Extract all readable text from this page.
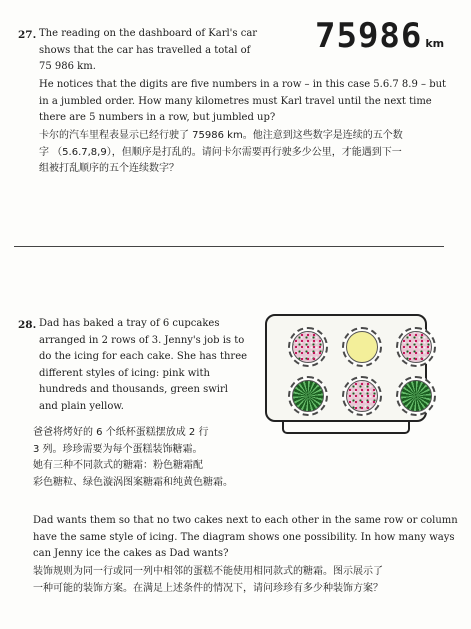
27. The reading on the dashboard of Karl's car
shows that the car has travelled a total of
75 986 km.
75986 km
He notices that the digits are five numbers in a row – in this case 5.6.7 8.9 – but
in a jumbled order. How many kilometres must Karl travel until the next time
there are 5 numbers in a row, but jumbled up?
卡尔的汽车里程表显示已经行驶了 75986 km。他注意到这些数字是连续的五个数
字 （5.6.7,8,9），但顺序是打乱的。请问卡尔需要再行驶多少公里，才能遇到下一
组被打乱顺序的五个连续数字？
28. Dad has baked a tray of 6 cupcakes
arranged in 2 rows of 3. Jenny's job is to
do the icing for each cake. She has three
different styles of icing: pink with
hundreds and thousands, green swirl
and plain yellow.
爸爸将烤好的 6 个纸杯蛋糕摆放成 2 行
3 列。珍珍需要为每个蛋糕装饰糖霜。
她有三种不同款式的糖霜：粉色糖霜配
彩色糖粒、绿色漩涡图案糖霜和纯黄色糖霜。
Dad wants them so that no two cakes next to each other in the same row or column
have the same style of icing. The diagram shows one possibility. In how many ways
can Jenny ice the cakes as Dad wants?
装饰规则为同一行或同一列中相邻的蛋糕不能使用相同款式的糖霜。图示展示了
一种可能的装饰方案。在满足上述条件的情况下，请问珍珍有多少种装饰方案？
